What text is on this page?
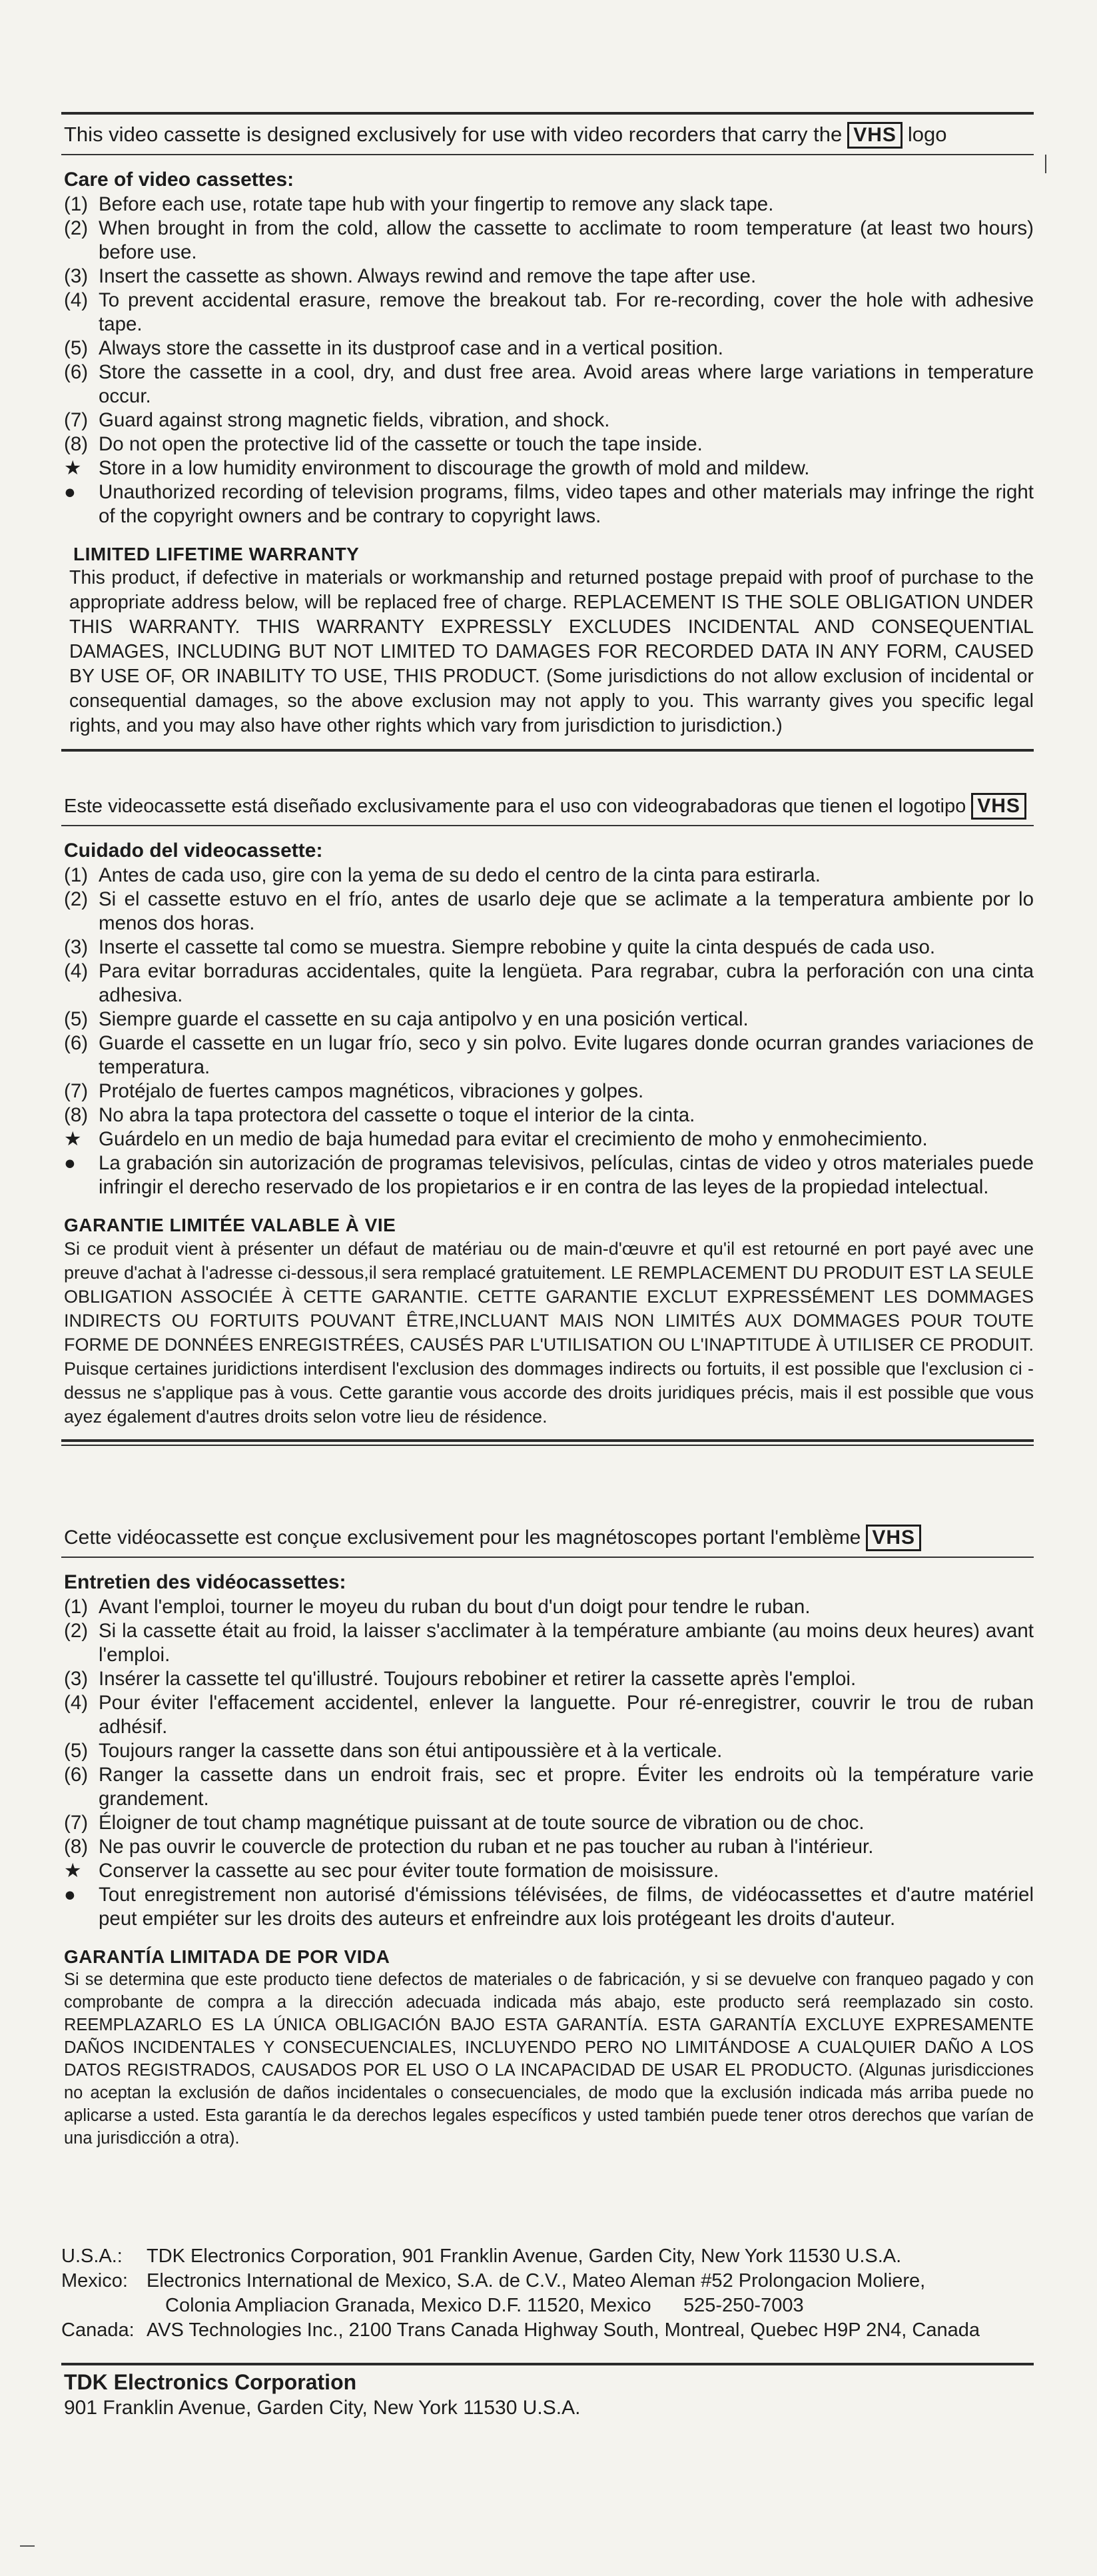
This video cassette is designed exclusively for use with video recorders that carry the VHS logo
Care of video cassettes:
(1) Before each use, rotate tape hub with your fingertip to remove any slack tape.
(2) When brought in from the cold, allow the cassette to acclimate to room temperature (at least two hours) before use.
(3) Insert the cassette as shown. Always rewind and remove the tape after use.
(4) To prevent accidental erasure, remove the breakout tab. For re-recording, cover the hole with adhesive tape.
(5) Always store the cassette in its dustproof case and in a vertical position.
(6) Store the cassette in a cool, dry, and dust free area. Avoid areas where large variations in temperature occur.
(7) Guard against strong magnetic fields, vibration, and shock.
(8) Do not open the protective lid of the cassette or touch the tape inside.
★ Store in a low humidity environment to discourage the growth of mold and mildew.
●	Unauthorized recording of television programs, films, video tapes and other materials may infringe the right of the copyright owners and be contrary to copyright laws.
LIMITED LIFETIME WARRANTY
This product, if defective in materials or workmanship and returned postage prepaid with proof of purchase to the appropriate address below, will be replaced free of charge. REPLACEMENT IS THE SOLE OBLIGATION UNDER THIS WARRANTY. THIS WARRANTY EXPRESSLY EXCLUDES INCIDENTAL AND CONSEQUENTIAL DAMAGES, INCLUDING BUT NOT LIMITED TO DAMAGES FOR RECORDED DATA IN ANY FORM, CAUSED BY USE OF, OR INABILITY TO USE, THIS PRODUCT. (Some jurisdictions do not allow exclusion of incidental or consequential damages, so the above exclusion may not apply to you. This warranty gives you specific legal rights, and you may also have other rights which vary from jurisdiction to jurisdiction.)
Este videocassette está diseñado exclusivamente para el uso con videograbadoras que tienen el logotipo VHS
Cuidado del videocassette:
(1) Antes de cada uso, gire con la yema de su dedo el centro de la cinta para estirarla.
(2) Si el cassette estuvo en el frío, antes de usarlo deje que se aclimate a la temperatura ambiente por lo menos dos horas.
(3) Inserte el cassette tal como se muestra. Siempre rebobine y quite la cinta después de cada uso.
(4) Para evitar borraduras accidentales, quite la lengüeta. Para regrabar, cubra la perforación con una cinta adhesiva.
(5) Siempre guarde el cassette en su caja antipolvo y en una posición vertical.
(6) Guarde el cassette en un lugar frío, seco y sin polvo. Evite lugares donde ocurran grandes variaciones de temperatura.
(7) Protéjalo de fuertes campos magnéticos, vibraciones y golpes.
(8) No abra la tapa protectora del cassette o toque el interior de la cinta.
★ Guárdelo en un medio de baja humedad para evitar el crecimiento de moho y enmohecimiento.
●	La grabación sin autorización de programas televisivos, películas, cintas de video y otros materiales puede infringir el derecho reservado de los propietarios e ir en contra de las leyes de la propiedad intelectual.
GARANTIE LIMITÉE VALABLE À VIE
Si ce produit vient à présenter un défaut de matériau ou de main-d'œuvre et qu'il est retourné en port payé avec une preuve d'achat à l'adresse ci-dessous,il sera remplacé gratuitement. LE REMPLACEMENT DU PRODUIT EST LA SEULE OBLIGATION ASSOCIÉE À CETTE GARANTIE. CETTE GARANTIE EXCLUT EXPRESSÉMENT LES DOMMAGES INDIRECTS OU FORTUITS POUVANT ÊTRE,INCLUANT MAIS NON LIMITÉS AUX DOMMAGES POUR TOUTE FORME DE DONNÉES ENREGISTRÉES, CAUSÉS PAR L'UTILISATION OU L'INAPTITUDE À UTILISER CE PRODUIT. Puisque certaines juridictions interdisent l'exclusion des dommages indirects ou fortuits, il est possible que l'exclusion ci -dessus ne s'applique pas à vous. Cette garantie vous accorde des droits juridiques précis, mais il est possible que vous ayez également d'autres droits selon votre lieu de résidence.
Cette vidéocassette est conçue exclusivement pour les magnétoscopes portant l'emblème VHS
Entretien des vidéocassettes:
(1) Avant l'emploi, tourner le moyeu du ruban du bout d'un doigt pour tendre le ruban.
(2) Si la cassette était au froid, la laisser s'acclimater à la température ambiante (au moins deux heures) avant l'emploi.
(3) Insérer la cassette tel qu'illustré. Toujours rebobiner et retirer la cassette après l'emploi.
(4) Pour éviter l'effacement accidentel, enlever la languette. Pour ré-enregistrer, couvrir le trou de ruban adhésif.
(5) Toujours ranger la cassette dans son étui antipoussière et à la verticale.
(6) Ranger la cassette dans un endroit frais, sec et propre. Éviter les endroits où la température varie grandement.
(7) Éloigner de tout champ magnétique puissant at de toute source de vibration ou de choc.
(8) Ne pas ouvrir le couvercle de protection du ruban et ne pas toucher au ruban à l'intérieur.
★ Conserver la cassette au sec pour éviter toute formation de moisissure.
●	Tout enregistrement non autorisé d'émissions télévisées, de films, de vidéocassettes et d'autre matériel peut empiéter sur les droits des auteurs et enfreindre aux lois protégeant les droits d'auteur.
GARANTÍA LIMITADA DE POR VIDA
Si se determina que este producto tiene defectos de materiales o de fabricación, y si se devuelve con franqueo pagado y con comprobante de compra a la dirección adecuada indicada más abajo, este producto será reemplazado sin costo. REEMPLAZARLO ES LA ÚNICA OBLIGACIÓN BAJO ESTA GARANTÍA. ESTA GARANTÍA EXCLUYE EXPRESAMENTE DAÑOS INCIDENTALES Y CONSECUENCIALES, INCLUYENDO PERO NO LIMITÁNDOSE A CUALQUIER DAÑO A LOS DATOS REGISTRADOS, CAUSADOS POR EL USO O LA INCAPACIDAD DE USAR EL PRODUCTO. (Algunas jurisdicciones no aceptan la exclusión de daños incidentales o consecuenciales, de modo que la exclusión indicada más arriba puede no aplicarse a usted. Esta garantía le da derechos legales específicos y usted también puede tener otros derechos que varían de una jurisdicción a otra).
U.S.A.:	TDK Electronics Corporation, 901 Franklin Avenue, Garden City, New York 11530 U.S.A.
Mexico: Electronics International de Mexico, S.A. de C.V., Mateo Aleman #52 Prolongacion Moliere,
Colonia Ampliacion Granada, Mexico D.F. 11520, Mexico      525-250-7003
Canada: AVS Technologies Inc., 2100 Trans Canada Highway South, Montreal, Quebec H9P 2N4, Canada
TDK Electronics Corporation
901 Franklin Avenue, Garden City, New York 11530 U.S.A.
